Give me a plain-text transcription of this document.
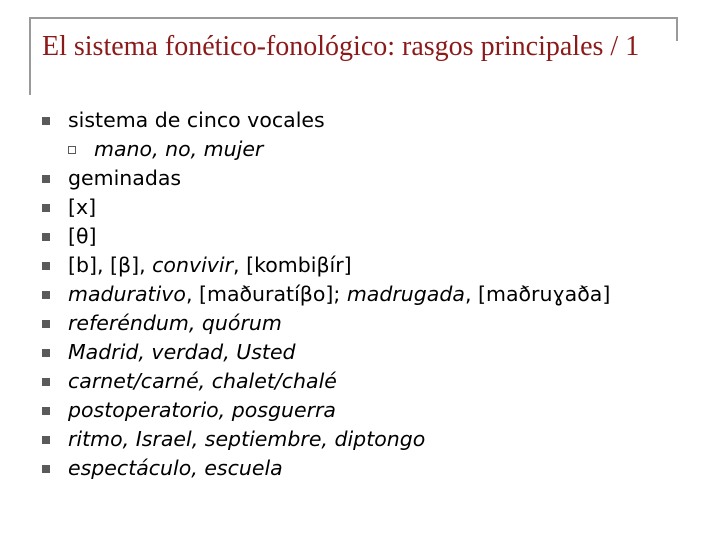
El sistema fonético-fonológico: rasgos principales / 1
sistema de cinco vocales
mano, no, mujer
geminadas
[x]
[θ]
[b], [β], convivir, [kombiβír]
madurativo, [maðuratíβo]; madrugada, [maðruɣaða]
referéndum, quórum
Madrid, verdad, Usted
carnet/carné, chalet/chalé
postoperatorio, posguerra
ritmo, Israel, septiembre, diptongo
espectáculo, escuela
